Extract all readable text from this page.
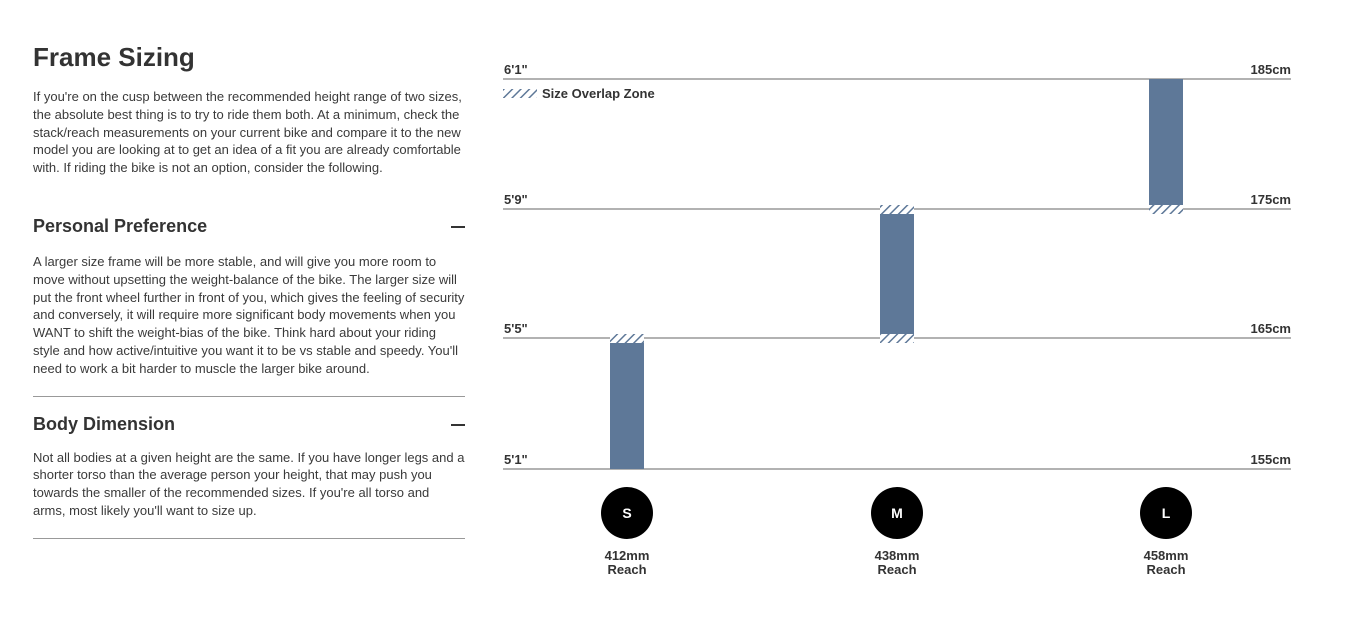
Frame Sizing

If you're on the cusp between the recommended height range of two sizes, the absolute best thing is to try to ride them both. At a minimum, check the stack/reach measurements on your current bike and compare it to the new model you are looking at to get an idea of a fit you are already comfortable with. If riding the bike is not an option, consider the following.

Personal Preference

A larger size frame will be more stable, and will give you more room to move without upsetting the weight-balance of the bike. The larger size will put the front wheel further in front of you, which gives the feeling of security and conversely, it will require more significant body movements when you WANT to shift the weight-bias of the bike. Think hard about your riding style and how active/intuitive you want it to be vs stable and speedy. You'll need to work a bit harder to muscle the larger bike around.

Body Dimension

Not all bodies at a given height are the same. If you have longer legs and a shorter torso than the average person your height, that may push you towards the smaller of the recommended sizes. If you're all torso and arms, most likely you'll want to size up.

6'1"	185cm
5'9"	175cm
5'5"	165cm
5'1"	155cm
Size Overlap Zone
S
412mm
Reach
M
438mm
Reach
L
458mm
Reach
